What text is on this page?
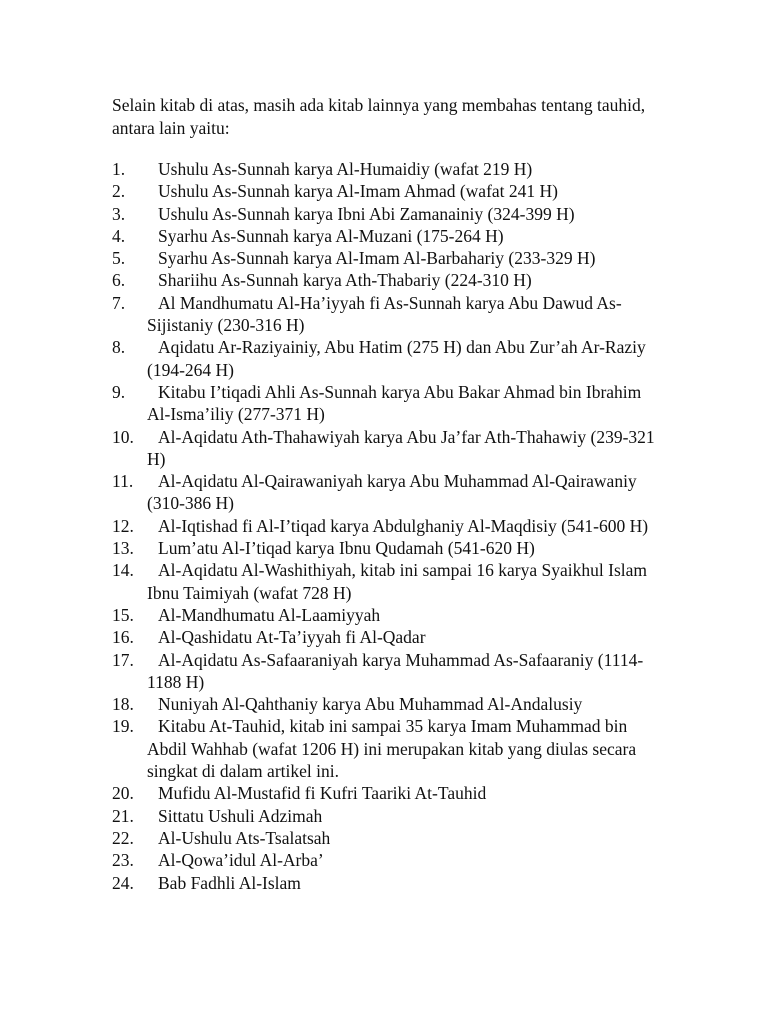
Selain kitab di atas, masih ada kitab lainnya yang membahas tentang tauhid, antara lain yaitu:

1.	Ushulu As-Sunnah karya Al-Humaidiy (wafat 219 H)
2.	Ushulu As-Sunnah karya Al-Imam Ahmad (wafat 241 H)
3.	Ushulu As-Sunnah karya Ibni Abi Zamanainiy (324-399 H)
4.	Syarhu As-Sunnah karya Al-Muzani (175-264 H)
5.	Syarhu As-Sunnah karya Al-Imam Al-Barbahariy (233-329 H)
6.	Shariihu As-Sunnah karya Ath-Thabariy (224-310 H)
7.	Al Mandhumatu Al-Ha’iyyah fi As-Sunnah karya Abu Dawud As-Sijistaniy (230-316 H)
8.	Aqidatu Ar-Raziyainiy, Abu Hatim (275 H) dan Abu Zur’ah Ar-Raziy (194-264 H)
9.	Kitabu I’tiqadi Ahli As-Sunnah karya Abu Bakar Ahmad bin Ibrahim Al-Isma’iliy (277-371 H)
10.	Al-Aqidatu Ath-Thahawiyah karya Abu Ja’far Ath-Thahawiy (239-321 H)
11.	Al-Aqidatu Al-Qairawaniyah karya Abu Muhammad Al-Qairawaniy (310-386 H)
12.	Al-Iqtishad fi Al-I’tiqad karya Abdulghaniy Al-Maqdisiy (541-600 H)
13.	Lum’atu Al-I’tiqad karya Ibnu Qudamah (541-620 H)
14.	Al-Aqidatu Al-Washithiyah, kitab ini sampai 16 karya Syaikhul Islam Ibnu Taimiyah (wafat 728 H)
15.	Al-Mandhumatu Al-Laamiyyah
16.	Al-Qashidatu At-Ta’iyyah fi Al-Qadar
17.	Al-Aqidatu As-Safaaraniyah karya Muhammad As-Safaaraniy (1114-1188 H)
18.	Nuniyah Al-Qahthaniy karya Abu Muhammad Al-Andalusiy
19.	Kitabu At-Tauhid, kitab ini sampai 35 karya Imam Muhammad bin Abdil Wahhab (wafat 1206 H) ini merupakan kitab yang diulas secara singkat di dalam artikel ini.
20.	Mufidu Al-Mustafid fi Kufri Taariki At-Tauhid
21.	Sittatu Ushuli Adzimah
22.	Al-Ushulu Ats-Tsalatsah
23.	Al-Qowa’idul Al-Arba’
24.	Bab Fadhli Al-Islam
